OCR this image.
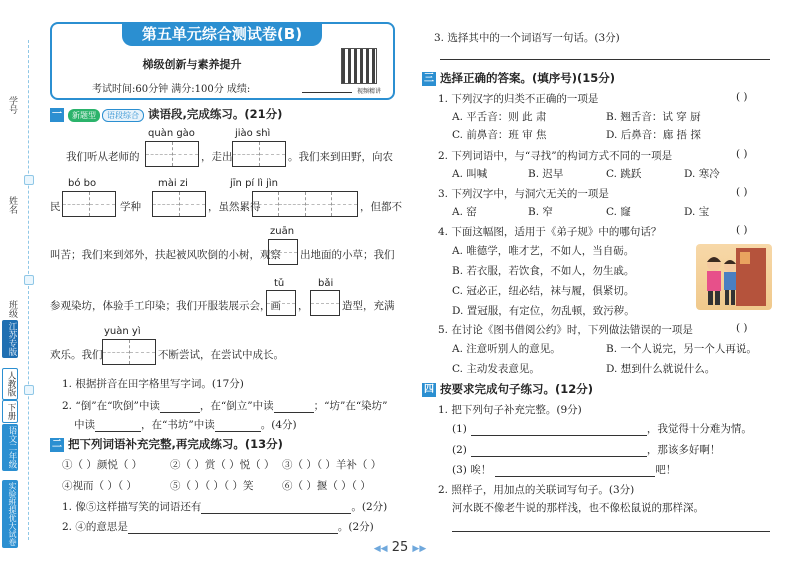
学号
姓名
班级
江苏专版
人教版
下册
语文二年级
实验班提优大试卷
第五单元综合测试卷(B)
梯级创新与素养提升
考试时间:60分钟 满分:100分 成绩:	视频精讲
一 新题型 语段综合 读语段,完成练习。(21分)
quàn gào	jiào shì
我们听从老师的	，走出	。我们来到田野，向农
bó bo	mài zi	jīn pí lì jìn
民	学种	，虽然累得	，但都不
zuān
叫苦；我们来到郊外，扶起被风吹倒的小树，观察 出地面的小草；我们
tǔ	bǎi
参观染坊，体验手工印染；我们开服装展示会，画 ，	造型，充满
yuàn yì
欢乐。我们	不断尝试，在尝试中成长。
1. 根据拼音在田字格里写字词。(17分)
2. “倒”在“吹倒”中读	，在“倒立”中读	；“坊”在“染坊”
中读	，在“书坊”中读	。(4分)
二 把下列词语补充完整,再完成练习。(13分)
①（ ）颜悦（ ）	②（ ）赏（ ）悦（ ） ③（ ）（ ）羊补（ ）
④视而（ ）（ ）	⑤（ ）（ ）（ ）笑	⑥（ ）揠（ ）（ ）
1. 像⑤这样描写笑的词语还有	。(2分)
2. ④的意思是	。(2分)
3. 选择其中的一个词语写一句话。(3分)
三 选择正确的答案。(填序号)(15分)
1. 下列汉字的归类不正确的一项是	( )
A. 平舌音：则 此 肃	B. 翘舌音：试 穿 厨
C. 前鼻音：班 审 焦	D. 后鼻音：廊 捂 探
2. 下列词语中，与“寻找”的构词方式不同的一项是	( )
A. 叫喊	B. 迟早	C. 跳跃	D. 寒冷
3. 下列汉字中，与洞穴无关的一项是	( )
A. 窑	B. 窄	C. 窿	D. 宝
4. 下面这幅图，适用于《弟子规》中的哪句话？	( )
A. 唯德学，唯才艺，不如人，当自砺。
B. 若衣服，若饮食，不如人，勿生戚。
C. 冠必正，纽必结，袜与履，俱紧切。
D. 置冠服，有定位，勿乱顿，致污秽。
5. 在讨论《图书借阅公约》时，下列做法错误的一项是	( )
A. 注意听别人的意见。	B. 一个人说完，另一个人再说。
C. 主动发表意见。	D. 想到什么就说什么。
四 按要求完成句子练习。(12分)
1. 把下列句子补充完整。(9分)
(1)	，我觉得十分难为情。
(2)	，那该多好啊！
(3) 唉！	吧！
2. 照样子，用加点的关联词写句子。(3分)
河水既不像老牛说的那样浅，也不像松鼠说的那样深。
◀◀ 25 ▶▶
